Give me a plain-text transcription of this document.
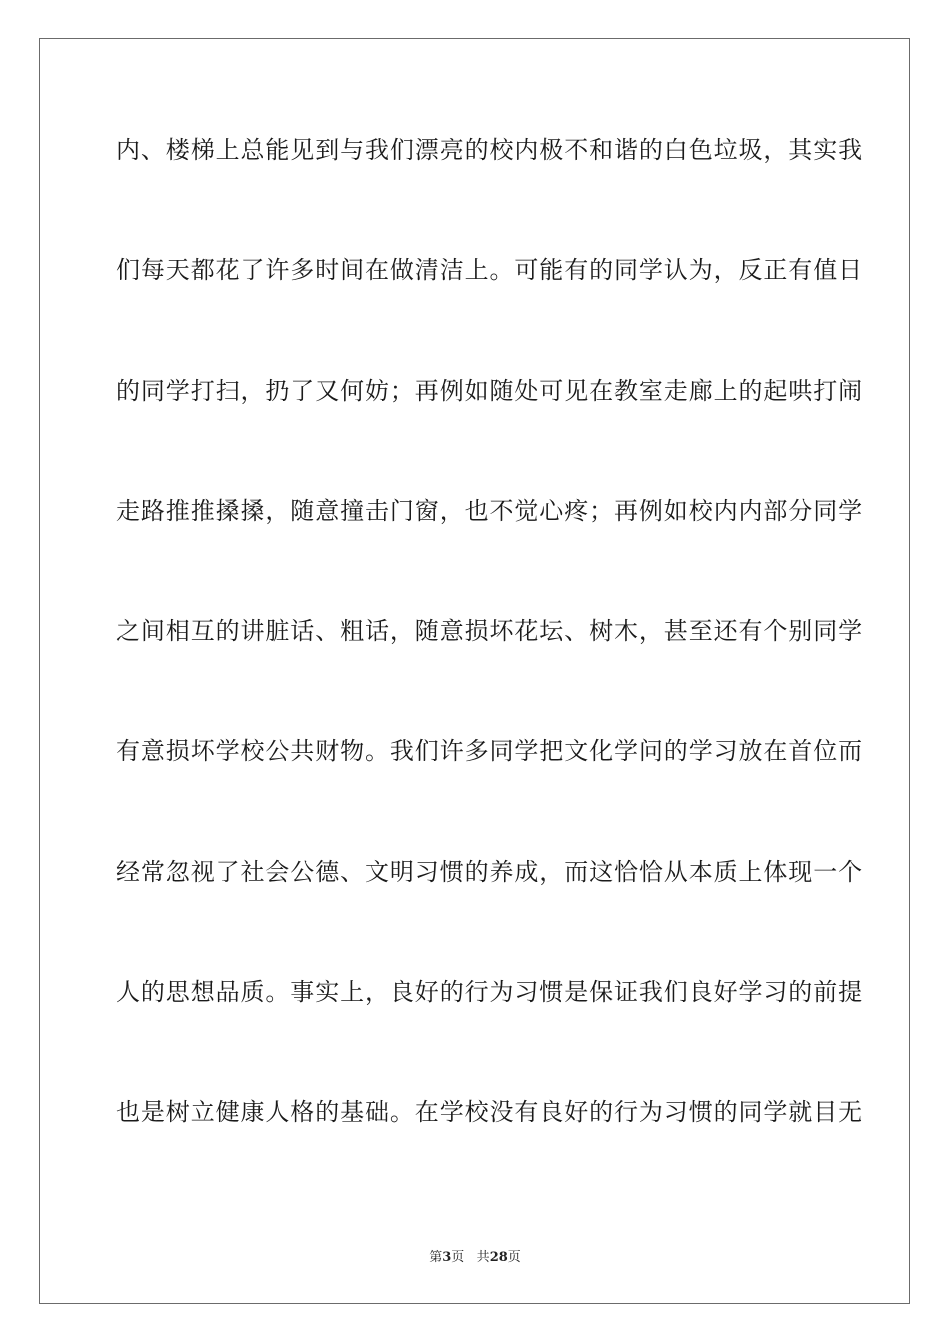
内、楼梯上总能见到与我们漂亮的校内极不和谐的白色垃圾，其实我
们每天都花了许多时间在做清洁上。可能有的同学认为，反正有值日
的同学打扫，扔了又何妨；再例如随处可见在教室走廊上的起哄打闹
走路推推搡搡，随意撞击门窗，也不觉心疼；再例如校内内部分同学
之间相互的讲脏话、粗话，随意损坏花坛、树木，甚至还有个别同学
有意损坏学校公共财物。我们许多同学把文化学问的学习放在首位而
经常忽视了社会公德、文明习惯的养成，而这恰恰从本质上体现一个
人的思想品质。事实上，良好的行为习惯是保证我们良好学习的前提
也是树立健康人格的基础。在学校没有良好的行为习惯的同学就目无
第3页 共28页
